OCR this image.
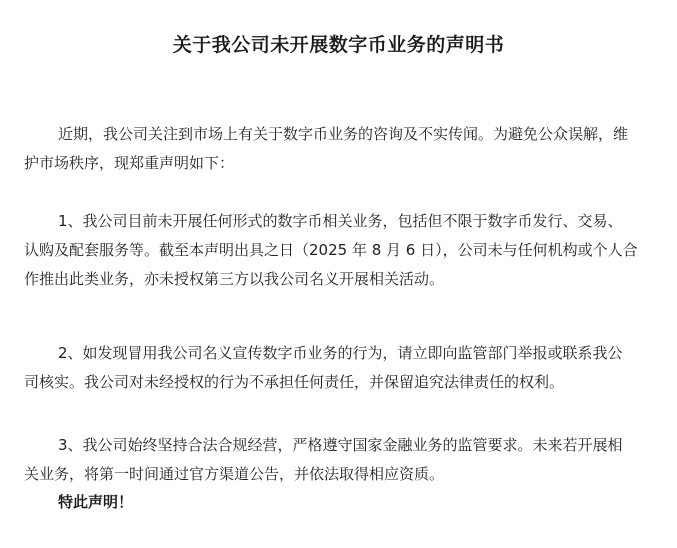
关于我公司未开展数字币业务的声明书
近期，我公司关注到市场上有关于数字币业务的咨询及不实传闻。为避免公众误解，维
护市场秩序，现郑重声明如下：
1、我公司目前未开展任何形式的数字币相关业务，包括但不限于数字币发行、交易、
认购及配套服务等。截至本声明出具之日（2025 年 8 月 6 日），公司未与任何机构或个人合
作推出此类业务，亦未授权第三方以我公司名义开展相关活动。
2、如发现冒用我公司名义宣传数字币业务的行为，请立即向监管部门举报或联系我公
司核实。我公司对未经授权的行为不承担任何责任，并保留追究法律责任的权利。
3、我公司始终坚持合法合规经营，严格遵守国家金融业务的监管要求。未来若开展相
关业务，将第一时间通过官方渠道公告，并依法取得相应资质。
特此声明！
